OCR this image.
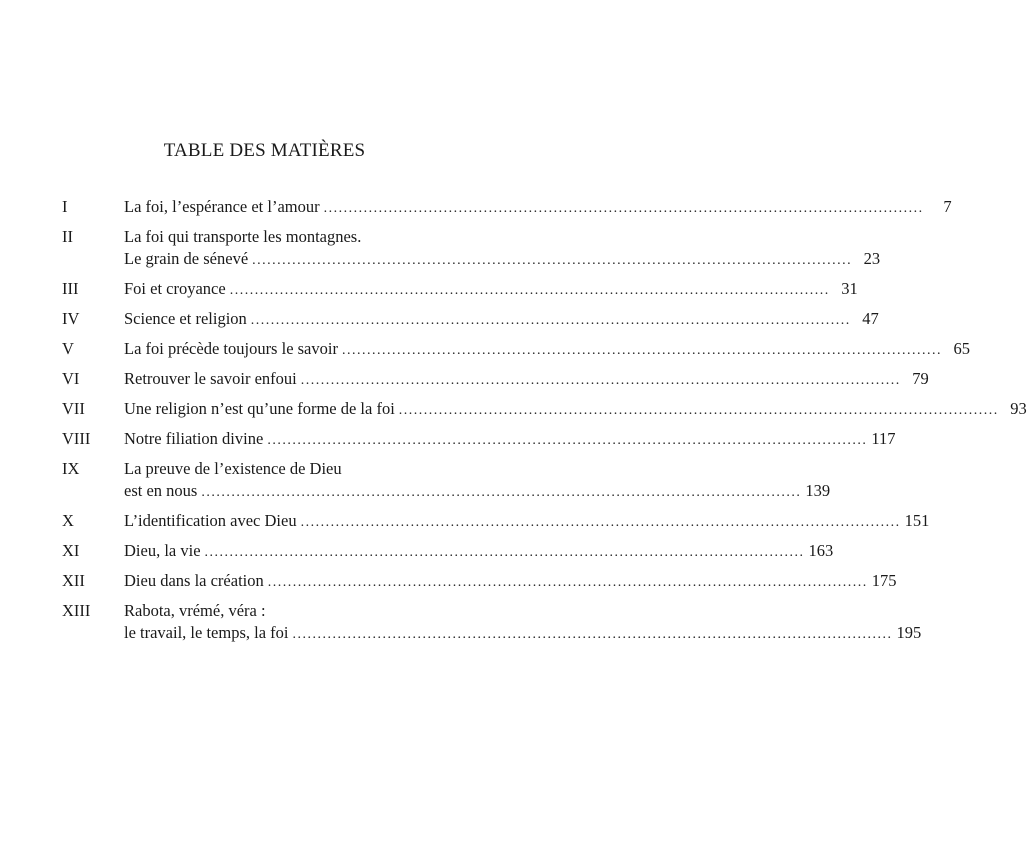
TABLE DES MATIÈRES
I	La foi, l’espérance et l’amour ........................................................................................................................	7
II	La foi qui transporte les montagnes.
Le grain de sénevé ........................................................................................................................ 23
III	Foi et croyance ........................................................................................................................ 31
IV	Science et religion ........................................................................................................................ 47
V	La foi précède toujours le savoir ........................................................................................................................ 65
VI	Retrouver le savoir enfoui ........................................................................................................................ 79
VII	Une religion n’est qu’une forme de la foi ........................................................................................................................ 93
VIII	Notre filiation divine ........................................................................................................................ 117
IX	La preuve de l’existence de Dieu
est en nous ........................................................................................................................ 139
X	L’identification avec Dieu ........................................................................................................................ 151
XI	Dieu, la vie ........................................................................................................................ 163
XII	Dieu dans la création ........................................................................................................................ 175
XIII	Rabota, vrémé, véra :
le travail, le temps, la foi ........................................................................................................................ 195
